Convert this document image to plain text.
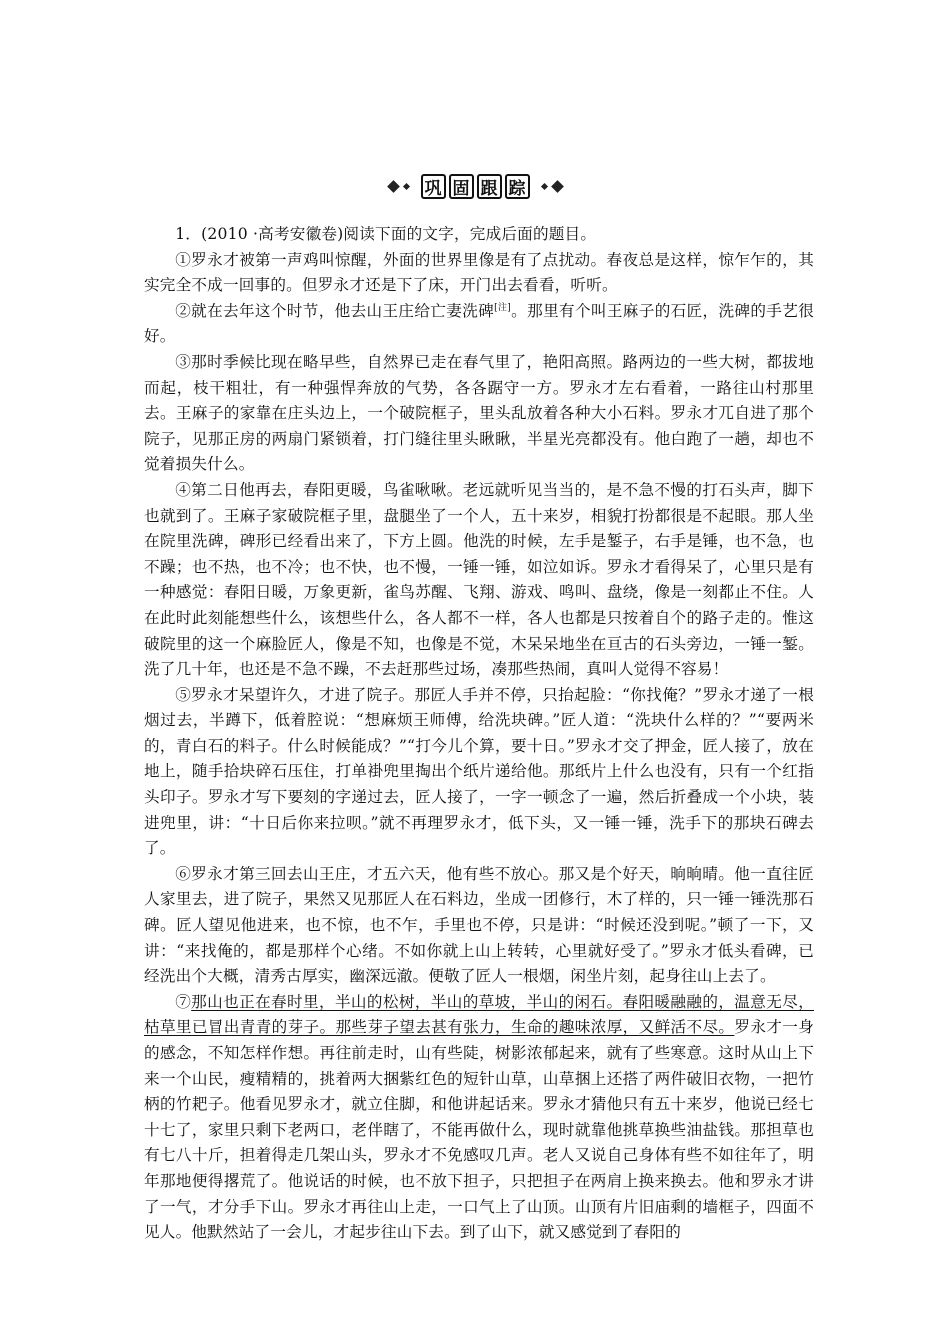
巩 固 跟 踪

1．(2010 ·高考安徽卷)阅读下面的文字，完成后面的题目。

①罗永才被第一声鸡叫惊醒，外面的世界里像是有了点扰动。春夜总是这样，惊乍乍的，其实完全不成一回事的。但罗永才还是下了床，开门出去看看，听听。

②就在去年这个时节，他去山王庄给亡妻洗碑[注]。那里有个叫王麻子的石匠，洗碑的手艺很好。

③那时季候比现在略早些，自然界已走在春气里了，艳阳高照。路两边的一些大树，都拔地而起，枝干粗壮，有一种强悍奔放的气势，各各踞守一方。罗永才左右看着，一路往山村那里去。王麻子的家靠在庄头边上，一个破院框子，里头乱放着各种大小石料。罗永才兀自进了那个院子，见那正房的两扇门紧锁着，打门缝往里头瞅瞅，半星光亮都没有。他白跑了一趟，却也不觉着损失什么。

④第二日他再去，春阳更暖，鸟雀啾啾。老远就听见当当的，是不急不慢的打石头声，脚下也就到了。王麻子家破院框子里，盘腿坐了一个人，五十来岁，相貌打扮都很是不起眼。那人坐在院里洗碑，碑形已经看出来了，下方上圆。他洗的时候，左手是錾子，右手是锤，也不急，也不躁；也不热，也不冷；也不快，也不慢，一锤一锤，如泣如诉。罗永才看得呆了，心里只是有一种感觉：春阳日暖，万象更新，雀鸟苏醒、飞翔、游戏、鸣叫、盘绕，像是一刻都止不住。人在此时此刻能想些什么，该想些什么，各人都不一样，各人也都是只按着自个的路子走的。惟这破院里的这一个麻脸匠人，像是不知，也像是不觉，木呆呆地坐在亘古的石头旁边，一锤一錾。洗了几十年，也还是不急不躁，不去赶那些过场，凑那些热闹，真叫人觉得不容易！

⑤罗永才呆望许久，才进了院子。那匠人手并不停，只抬起脸：“你找俺？”罗永才递了一根烟过去，半蹲下，低着腔说：“想麻烦王师傅，给洗块碑。”匠人道：“洗块什么样的？”“要两米的，青白石的料子。什么时候能成？”“打今儿个算，要十日。”罗永才交了押金，匠人接了，放在地上，随手拾块碎石压住，打单褂兜里掏出个纸片递给他。那纸片上什么也没有，只有一个红指头印子。罗永才写下要刻的字递过去，匠人接了，一字一顿念了一遍，然后折叠成一个小块，装进兜里，讲：“十日后你来拉呗。”就不再理罗永才，低下头，又一锤一锤，洗手下的那块石碑去了。

⑥罗永才第三回去山王庄，才五六天，他有些不放心。那又是个好天，晌晌晴。他一直往匠人家里去，进了院子，果然又见那匠人在石料边，坐成一团修行，木了样的，只一锤一锤洗那石碑。匠人望见他进来，也不惊，也不乍，手里也不停，只是讲：“时候还没到呢。”顿了一下，又讲：“来找俺的，都是那样个心绪。不如你就上山上转转，心里就好受了。”罗永才低头看碑，已经洗出个大概，清秀古厚实，幽深远澈。便敬了匠人一根烟，闲坐片刻，起身往山上去了。

⑦那山也正在春时里，半山的松树，半山的草坡，半山的闲石。春阳暖融融的，温意无尽，枯草里已冒出青青的芽子。那些芽子望去甚有张力，生命的趣味浓厚，又鲜活不尽。罗永才一身的感念，不知怎样作想。再往前走时，山有些陡，树影浓郁起来，就有了些寒意。这时从山上下来一个山民，瘦精精的，挑着两大捆紫红色的短针山草，山草捆上还搭了两件破旧衣物，一把竹柄的竹耙子。他看见罗永才，就立住脚，和他讲起话来。罗永才猜他只有五十来岁，他说已经七十七了，家里只剩下老两口，老伴瞎了，不能再做什么，现时就靠他挑草换些油盐钱。那担草也有七八十斤，担着得走几架山头，罗永才不免感叹几声。老人又说自己身体有些不如往年了，明年那地便得撂荒了。他说话的时候，也不放下担子，只把担子在两肩上换来换去。他和罗永才讲了一气，才分手下山。罗永才再往山上走，一口气上了山顶。山顶有片旧庙剩的墙框子，四面不见人。他默然站了一会儿，才起步往山下去。到了山下，就又感觉到了春阳的
